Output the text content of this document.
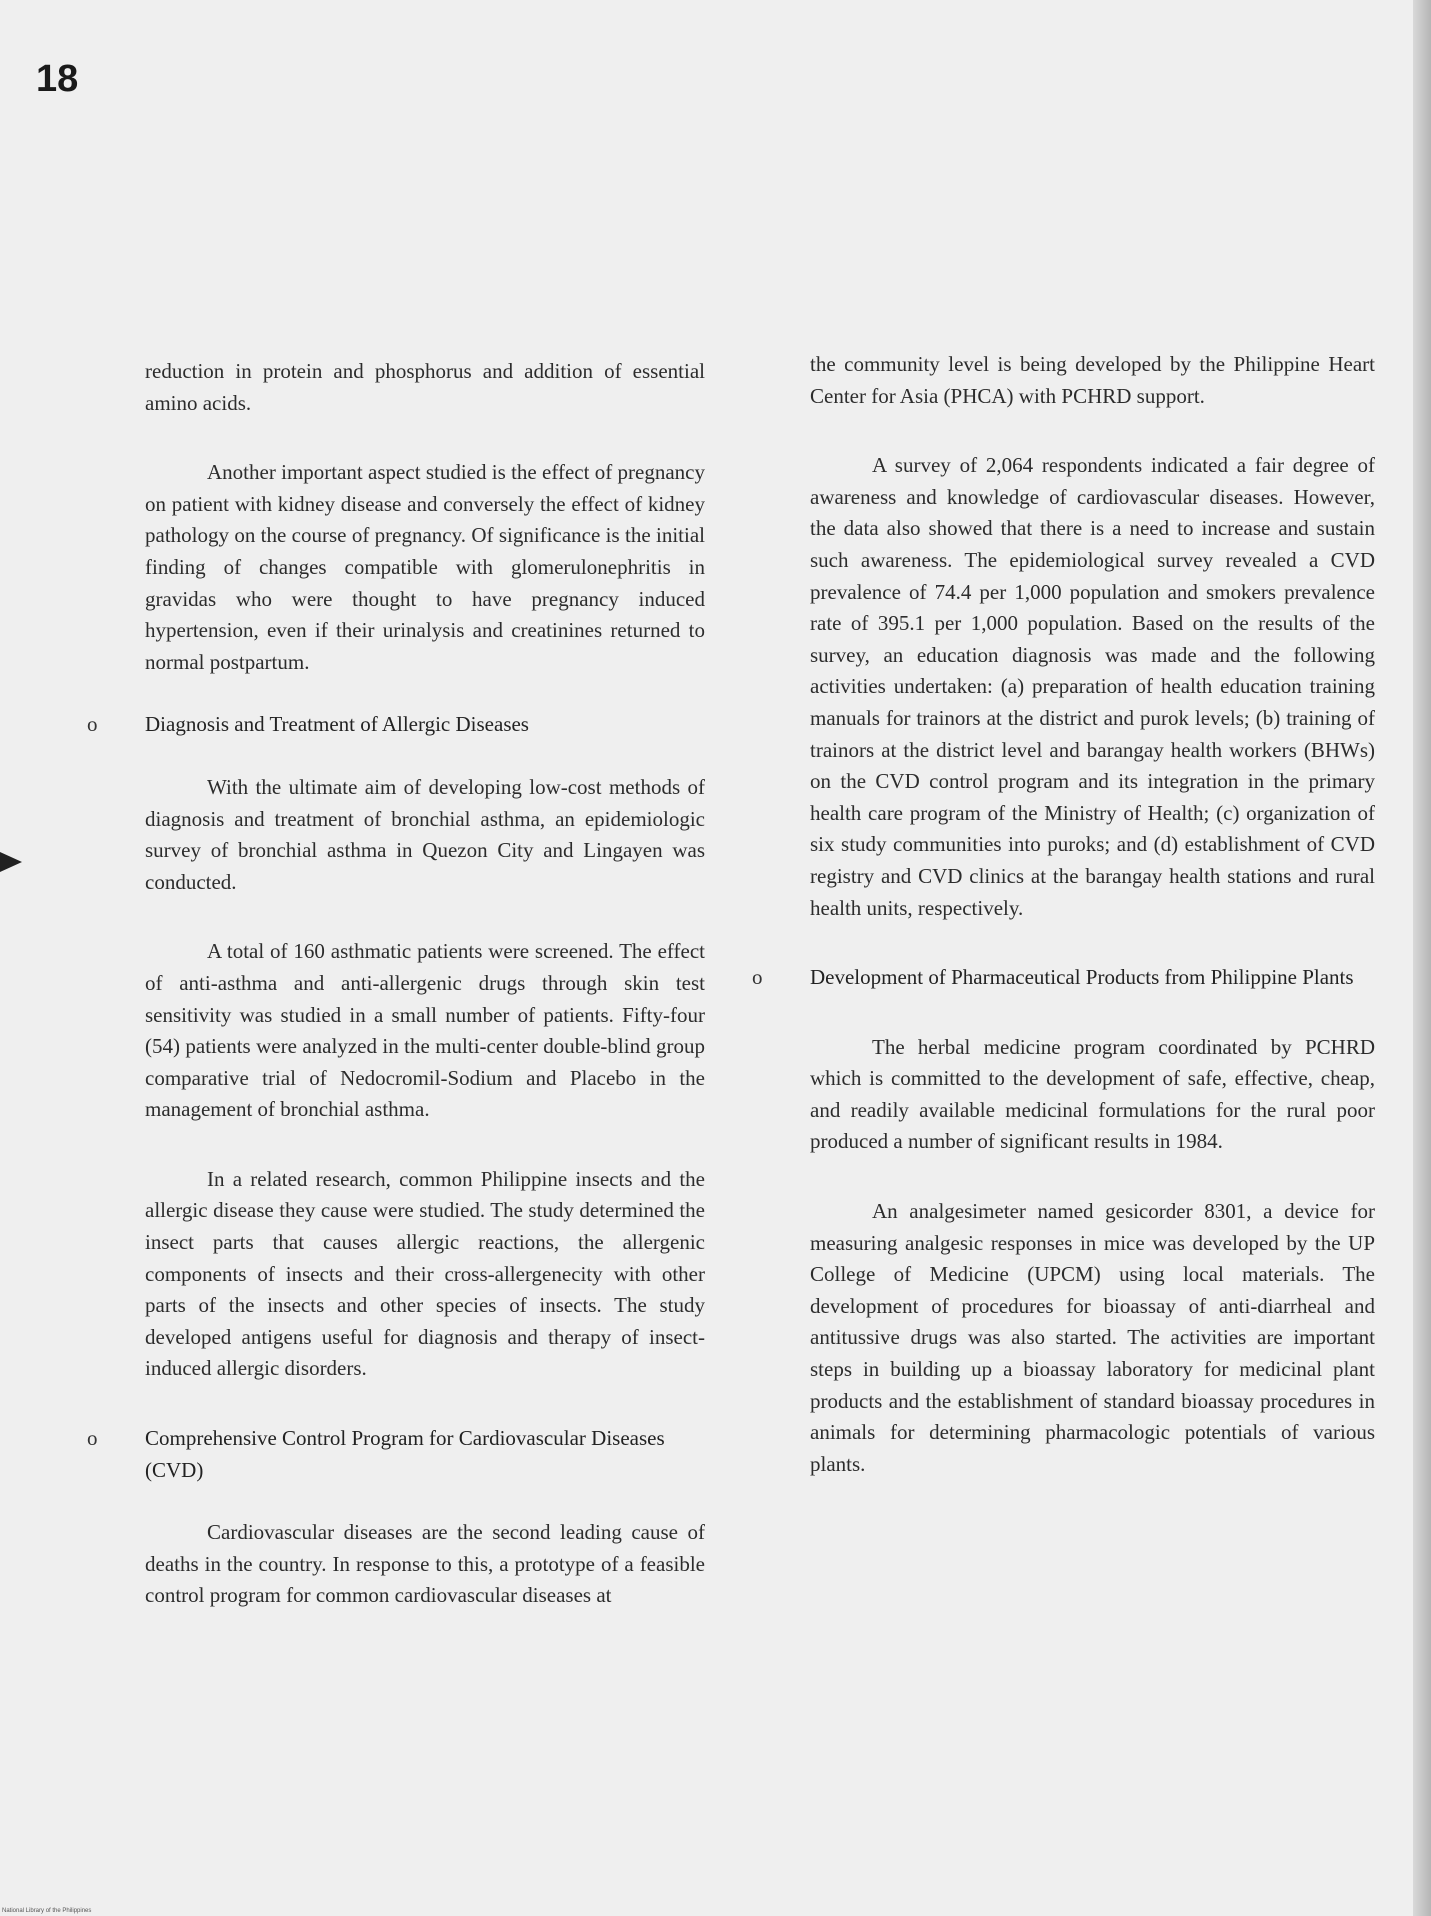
18

reduction in protein and phosphorus and addition of essential amino acids.

Another important aspect studied is the effect of pregnancy on patient with kidney disease and conversely the effect of kidney pathology on the course of pregnancy. Of significance is the initial finding of changes compatible with glomerulonephritis in gravidas who were thought to have pregnancy induced hypertension, even if their urinalysis and creatinines returned to normal postpartum.

o Diagnosis and Treatment of Allergic Diseases

With the ultimate aim of developing low-cost methods of diagnosis and treatment of bronchial asthma, an epidemiologic survey of bronchial asthma in Quezon City and Lingayen was conducted.

A total of 160 asthmatic patients were screened. The effect of anti-asthma and anti-allergenic drugs through skin test sensitivity was studied in a small number of patients. Fifty-four (54) patients were analyzed in the multi-center double-blind group comparative trial of Nedocromil-Sodium and Placebo in the management of bronchial asthma.

In a related research, common Philippine insects and the allergic disease they cause were studied. The study determined the insect parts that causes allergic reactions, the allergenic components of insects and their cross-allergenecity with other parts of the insects and other species of insects. The study developed antigens useful for diagnosis and therapy of insect-induced allergic disorders.

o Comprehensive Control Program for Cardiovascular Diseases (CVD)

Cardiovascular diseases are the second leading cause of deaths in the country. In response to this, a prototype of a feasible control program for common cardiovascular diseases at

the community level is being developed by the Philippine Heart Center for Asia (PHCA) with PCHRD support.

A survey of 2,064 respondents indicated a fair degree of awareness and knowledge of cardiovascular diseases. However, the data also showed that there is a need to increase and sustain such awareness. The epidemiological survey revealed a CVD prevalence of 74.4 per 1,000 population and smokers prevalence rate of 395.1 per 1,000 population. Based on the results of the survey, an education diagnosis was made and the following activities undertaken: (a) preparation of health education training manuals for trainors at the district and purok levels; (b) training of trainors at the district level and barangay health workers (BHWs) on the CVD control program and its integration in the primary health care program of the Ministry of Health; (c) organization of six study communities into puroks; and (d) establishment of CVD registry and CVD clinics at the barangay health stations and rural health units, respectively.

o Development of Pharmaceutical Products from Philippine Plants

The herbal medicine program coordinated by PCHRD which is committed to the development of safe, effective, cheap, and readily available medicinal formulations for the rural poor produced a number of significant results in 1984.

An analgesimeter named gesicorder 8301, a device for measuring analgesic responses in mice was developed by the UP College of Medicine (UPCM) using local materials. The development of procedures for bioassay of anti-diarrheal and antitussive drugs was also started. The activities are important steps in building up a bioassay laboratory for medicinal plant products and the establishment of standard bioassay procedures in animals for determining pharmacologic potentials of various plants.

National Library of the Philippines
